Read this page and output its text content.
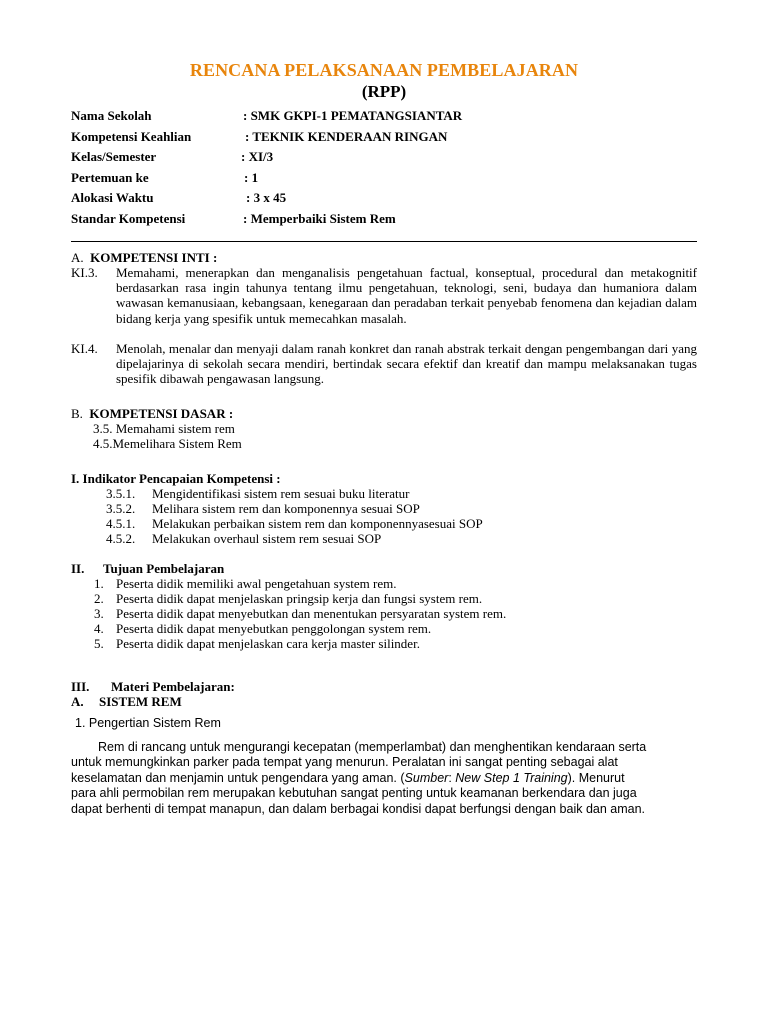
RENCANA PELAKSANAAN PEMBELAJARAN
(RPP)
Nama Sekolah	: SMK GKPI-1 PEMATANGSIANTAR
Kompetensi Keahlian	: TEKNIK KENDERAAN RINGAN
Kelas/Semester	: XI/3
Pertemuan ke	: 1
Alokasi Waktu	: 3 x 45
Standar Kompetensi	: Memperbaiki Sistem Rem
A. KOMPETENSI INTI :
KI.3. Memahami, menerapkan dan menganalisis pengetahuan factual, konseptual, procedural dan metakognitif berdasarkan rasa ingin tahunya tentang ilmu pengetahuan, teknologi, seni, budaya dan humaniora dalam wawasan kemanusiaan, kebangsaan, kenegaraan dan peradaban terkait penyebab fenomena dan kejadian dalam bidang kerja yang spesifik untuk memecahkan masalah.
KI.4. Menolah, menalar dan menyaji dalam ranah konkret dan ranah abstrak terkait dengan pengembangan dari yang dipelajarinya di sekolah secara mendiri, bertindak secara efektif dan kreatif dan mampu melaksanakan tugas spesifik dibawah pengawasan langsung.
B. KOMPETENSI DASAR :
3.5. Memahami sistem rem
4.5.Memelihara Sistem Rem
I. Indikator Pencapaian Kompetensi :
3.5.1. Mengidentifikasi sistem rem sesuai buku literatur
3.5.2. Melihara sistem rem dan komponennya sesuai SOP
4.5.1. Melakukan perbaikan sistem rem dan komponennyasesuai SOP
4.5.2. Melakukan overhaul sistem rem sesuai SOP
II. Tujuan Pembelajaran
1. Peserta didik memiliki awal pengetahuan system rem.
2. Peserta didik dapat menjelaskan pringsip kerja dan fungsi system rem.
3. Peserta didik dapat menyebutkan dan menentukan persyaratan system rem.
4. Peserta didik dapat menyebutkan penggolongan system rem.
5. Peserta didik dapat menjelaskan cara kerja master silinder.
III. Materi Pembelajaran:
A. SISTEM REM
1. Pengertian Sistem Rem
Rem di rancang untuk mengurangi kecepatan (memperlambat) dan menghentikan kendaraan serta
untuk memungkinkan parker pada tempat yang menurun. Peralatan ini sangat penting sebagai alat
keselamatan dan menjamin untuk pengendara yang aman. (Sumber: New Step 1 Training). Menurut
para ahli permobilan rem merupakan kebutuhan sangat penting untuk keamanan berkendara dan juga
dapat berhenti di tempat manapun, dan dalam berbagai kondisi dapat berfungsi dengan baik dan aman.
